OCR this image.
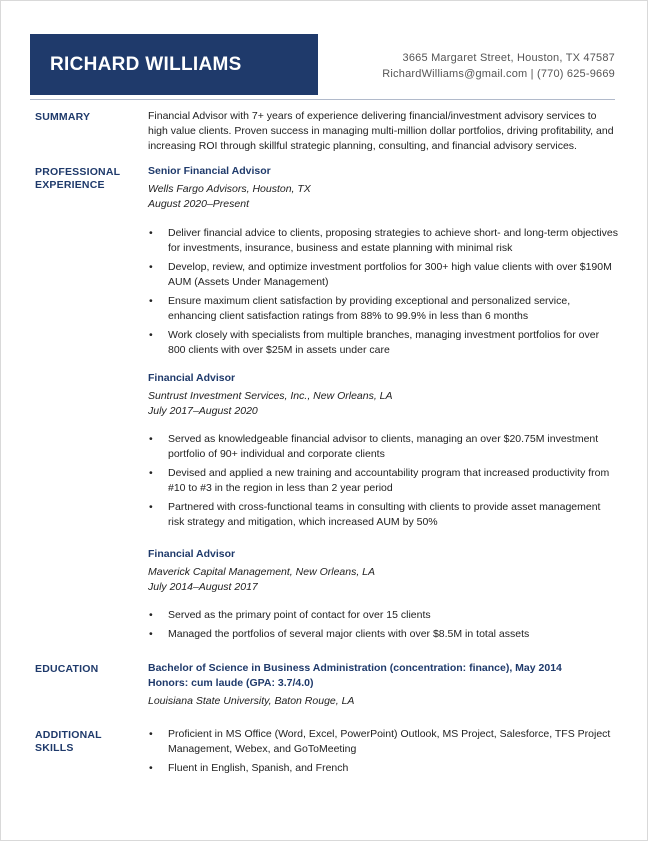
RICHARD WILLIAMS	3665 Margaret Street, Houston, TX 47587
RichardWilliams@gmail.com | (770) 625-9669
SUMMARY	Financial Advisor with 7+ years of experience delivering financial/investment advisory services to high value clients. Proven success in managing multi-million dollar portfolios, driving profitability, and increasing ROI through skillful strategic planning, consulting, and financial advisory services.

PROFESSIONAL
EXPERIENCE

Senior Financial Advisor

Wells Fargo Advisors, Houston, TX

August 2020–Present

• Deliver financial advice to clients, proposing strategies to achieve short- and long-term objectives for investments, insurance, business and estate planning with minimal risk
• Develop, review, and optimize investment portfolios for 300+ high value clients with over $190M AUM (Assets Under Management)
• Ensure maximum client satisfaction by providing exceptional and personalized service, enhancing client satisfaction ratings from 88% to 99.9% in less than 6 months
• Work closely with specialists from multiple branches, managing investment portfolios for over 800 clients with over $25M in assets under care

Financial Advisor

Suntrust Investment Services, Inc., New Orleans, LA

July 2017–August 2020

• Served as knowledgeable financial advisor to clients, managing an over $20.75M investment portfolio of 90+ individual and corporate clients
• Devised and applied a new training and accountability program that increased productivity from #10 to #3 in the region in less than 2 year period
• Partnered with cross-functional teams in consulting with clients to provide asset management risk strategy and mitigation, which increased AUM by 50%

Financial Advisor

Maverick Capital Management, New Orleans, LA

July 2014–August 2017

• Served as the primary point of contact for over 15 clients
• Managed the portfolios of several major clients with over $8.5M in total assets
EDUCATION	Bachelor of Science in Business Administration (concentration: finance), May 2014

Honors: cum laude (GPA: 3.7/4.0)

Louisiana State University, Baton Rouge, LA

ADDITIONAL
SKILLS
• Proficient in MS Office (Word, Excel, PowerPoint) Outlook, MS Project, Salesforce, TFS Project Management, Webex, and GoToMeeting
• Fluent in English, Spanish, and French
